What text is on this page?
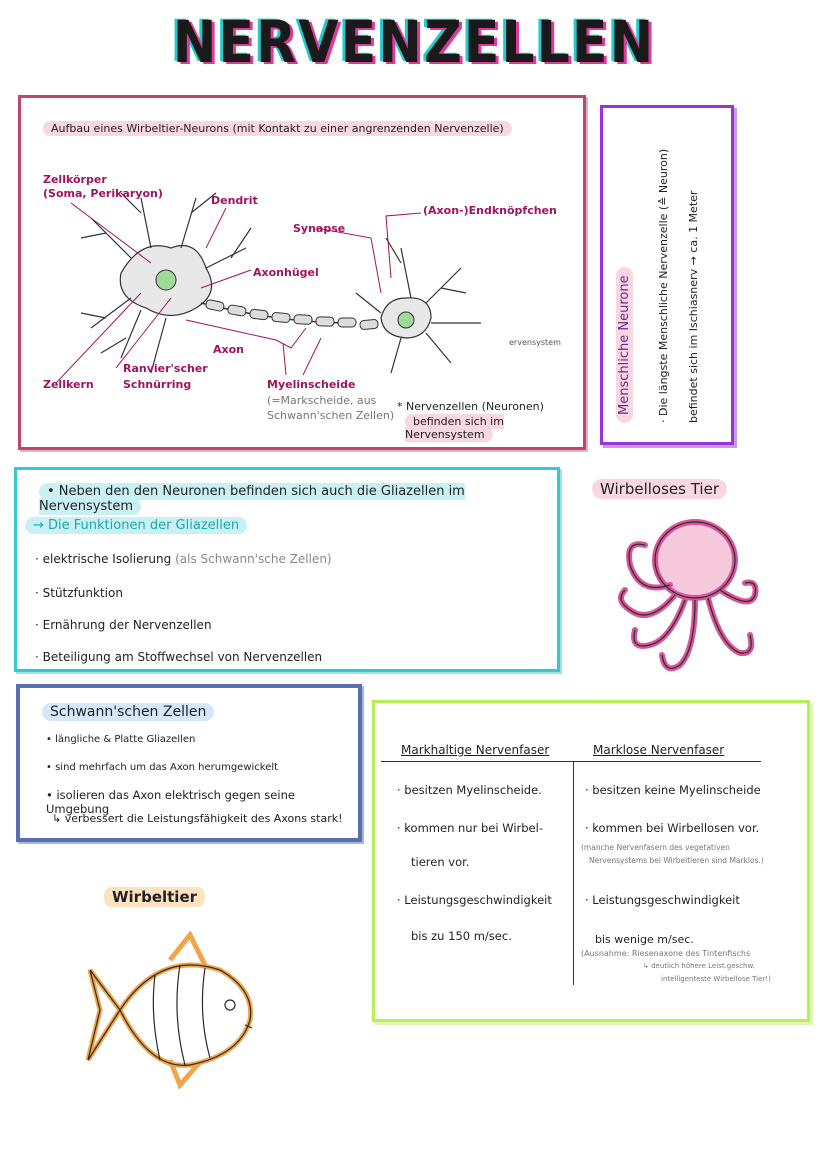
NERVENZELLEN
Aufbau eines Wirbeltier-Neurons (mit Kontakt zu einer angrenzenden Nervenzelle)
Zellkörper
(Soma, Perikaryon)
Dendrit
Synapse
(Axon-)Endknöpfchen
Axonhügel
Axon
Ranvier'scher
Schnürring
Zellkern	Myelinscheide
(=Markscheide, aus
Schwann'schen Zellen)
ervensystem
* Nervenzellen (Neuronen)
befinden sich im Nervensystem
Menschliche Neurone · Die längste Menschliche Nervenzelle (≙ Neuron) befindet sich im Ischiasnerv → ca. 1 Meter
• Neben den den Neuronen befinden sich auch die Gliazellen im Nervensystem
→ Die Funktionen der Gliazellen
· elektrische Isolierung (als Schwann'sche Zellen)
· Stützfunktion
· Ernährung der Nervenzellen
· Beteiligung am Stoffwechsel von Nervenzellen
Wirbelloses Tier
Schwann'schen Zellen
• längliche & Platte Gliazellen
• sind mehrfach um das Axon herumgewickelt
• isolieren das Axon elektrisch gegen seine Umgebung
↳ verbessert die Leistungsfähigkeit des Axons stark!
Wirbeltier
Markhaltige Nervenfaser	Marklose Nervenfaser
· besitzen Myelinscheide.
· kommen nur bei Wirbel-
tieren vor.
· Leistungsgeschwindigkeit
bis zu 150 m/sec.
· besitzen keine Myelinscheide
· kommen bei Wirbellosen vor.
(manche Nervenfasern des vegetativen
Nervensystems bei Wirbeltieren sind Marklos.)
· Leistungsgeschwindigkeit
bis wenige m/sec.
(Ausnahme: Riesenaxone des Tintenfischs
↳ deutlich höhere Leist.geschw.
intelligenteste Wirbellose Tier!)
